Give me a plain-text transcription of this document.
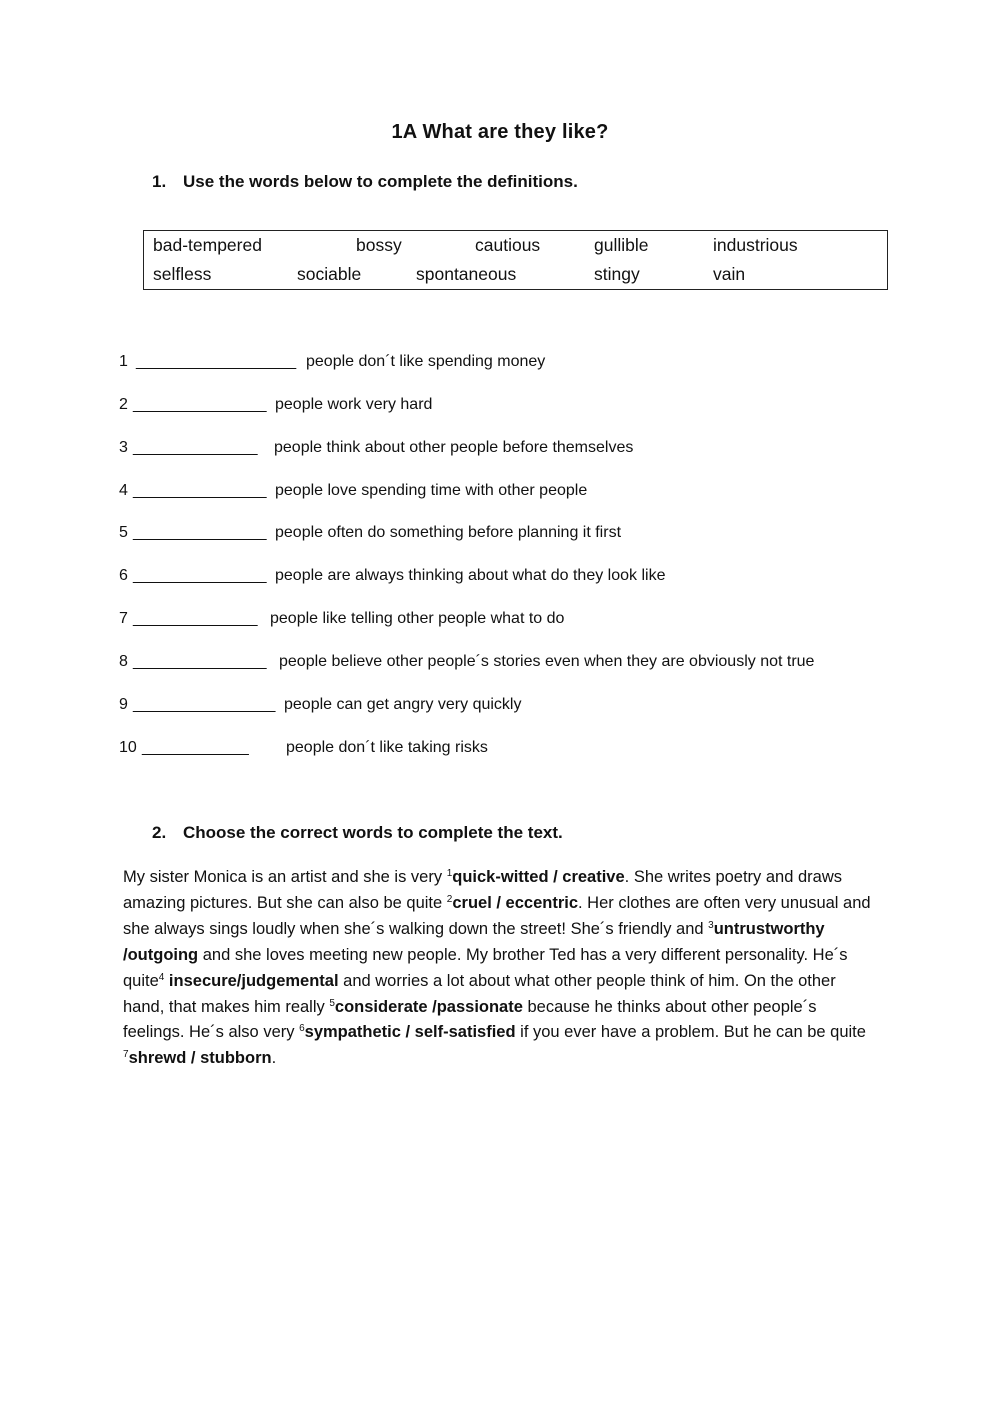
1A What are they like?
1. Use the words below to complete the definitions.
bad-tempered	bossy	cautious	gullible	industrious
selfless	sociable	spontaneous	stingy	vain
1 __________________ people don´t like spending money
2 _______________ people work very hard
3 ______________ people think about other people before themselves
4 _______________ people love spending time with other people
5 _______________ people often do something before planning it first
6 _______________ people are always thinking about what do they look like
7 ______________ people like telling other people what to do
8 _______________ people believe other people´s stories even when they are obviously not true
9 ________________ people can get angry very quickly
10 ____________ people don´t like taking risks
2. Choose the correct words to complete the text.
My sister Monica is an artist and she is very $^1$quick-witted / creative. She writes poetry and draws
amazing pictures. But she can also be quite $^2$cruel / eccentric. Her clothes are often very unusual and
she always sings loudly when she´s walking down the street! She´s friendly and $^3$untrustworthy
/outgoing and she loves meeting new people. My brother Ted has a very different personality. He´s
quite$^4$ insecure/judgemental and worries a lot about what other people think of him. On the other
hand, that makes him really $^5$considerate /passionate because he thinks about other people´s
feelings. He´s also very $^6$sympathetic / self-satisfied if you ever have a problem. But he can be quite
$^7$shrewd / stubborn.
